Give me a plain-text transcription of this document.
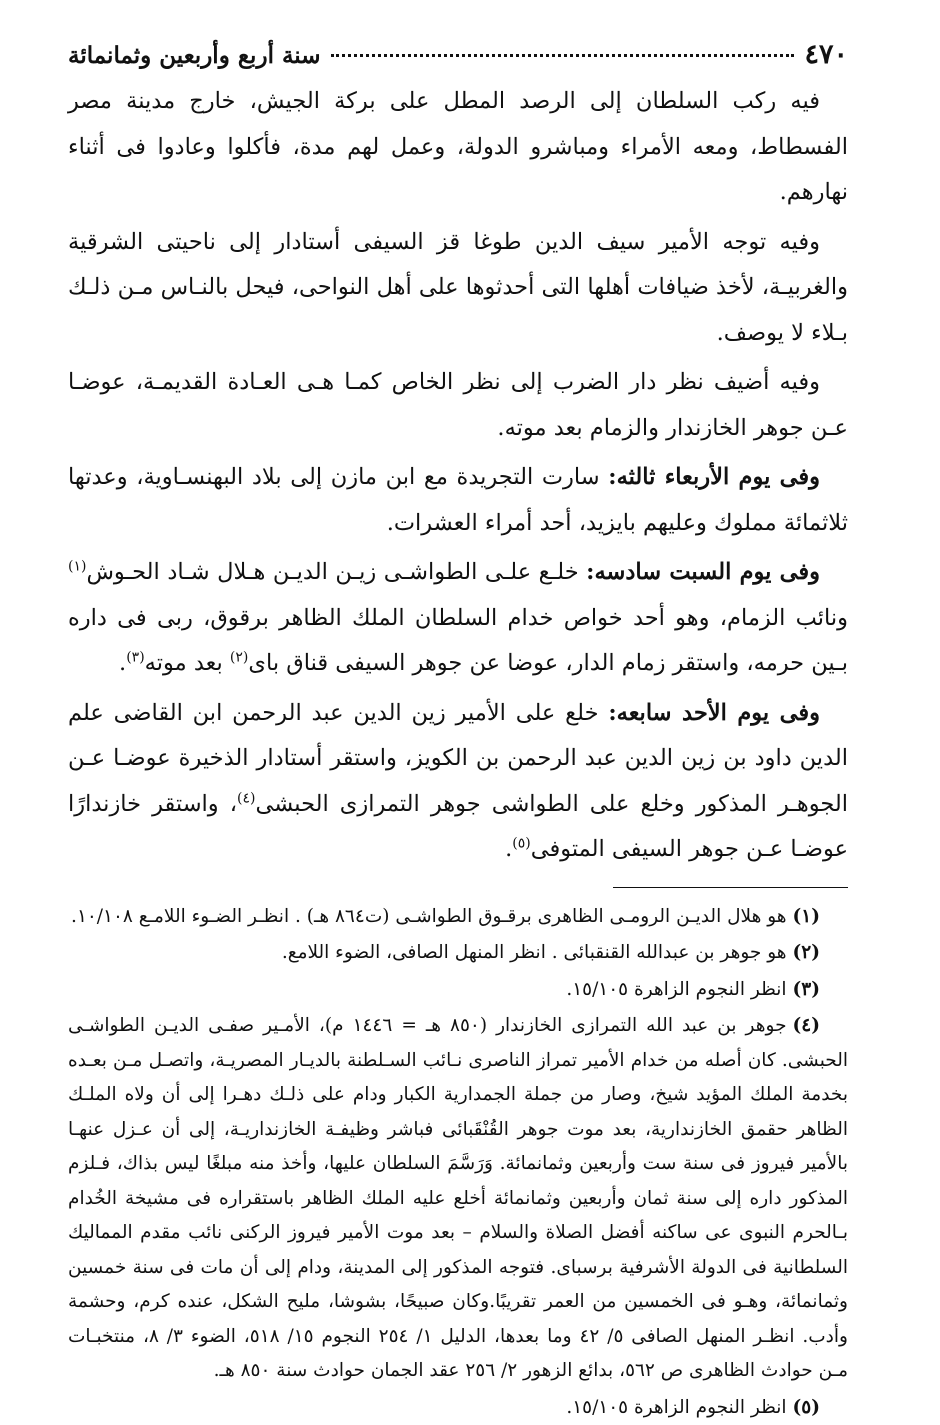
٤٧٠
سنة أربع وأربعين وثمانمائة

فيه ركب السلطان إلى الرصد المطل على بركة الجيش، خارج مدينة مصر الفسطاط، ومعه الأمراء ومباشرو الدولة، وعمل لهم مدة، فأكلوا وعادوا فى أثناء نهارهم.

وفيه توجه الأمير سيف الدين طوغا قز السيفى أستادار إلى ناحيتى الشرقية والغربيـة، لأخذ ضيافات أهلها التى أحدثوها على أهل النواحى، فيحل بالنـاس مـن ذلـك بـلاء لا يوصف.

وفيه أضيف نظر دار الضرب إلى نظر الخاص كمـا هـى العـادة القديمـة، عوضـا عـن جوهر الخازندار والزمام بعد موته.

وفى يوم الأربعاء ثالثه: سارت التجريدة مع ابن مازن إلى بلاد البهنسـاوية، وعدتها ثلاثمائة مملوك وعليهم بايزيد، أحد أمراء العشرات.

وفى يوم السبت سادسه: خلـع علـى الطواشـى زيـن الديـن هـلال شـاد الحـوش$^{(١)}$ ونائب الزمام، وهو أحد خواص خدام السلطان الملك الظاهر برقوق، ربى فى داره بـين حرمه، واستقر زمام الدار، عوضا عن جوهر السيفى قناق باى$^{(٢)}$ بعد موته$^{(٣)}$.

وفى يوم الأحد سابعه: خلع على الأمير زين الدين عبد الرحمن ابن القاضى علم الدين داود بن زين الدين عبد الرحمن بن الكويز، واستقر أستادار الذخيرة عوضـا عـن الجوهـر المذكور وخلع على الطواشى جوهر التمرازى الحبشى$^{(٤)}$، واستقر خازندارًا عوضـا عـن جوهر السيفى المتوفى$^{(٥)}$.

(١)هو هلال الديـن الرومـى الظاهرى برقـوق الطواشـى (ت٨٦٤ هـ) . انظـر الضـوء اللامـع ١٠/١٠٨.

(٢)هو جوهر بن عبدالله القنقبائى . انظر المنهل الصافى، الضوء اللامع.

(٣)انظر النجوم الزاهرة ١٥/١٠٥.

(٤)جوهر بن عبد الله التمرازى الخازندار (٨٥٠ هـ = ١٤٤٦ م)، الأمـير صفـى الديـن الطواشـى الحبشى. كان أصله من خدام الأمير تمراز الناصرى نـائب السـلطنة بالديـار المصريـة، واتصـل مـن بعـده بخدمة الملك المؤيد شيخ، وصار من جملة الجمدارية الكبار ودام على ذلـك دهـرا إلى أن ولاه الملـك الظاهر حقمق الخازندارية، بعد موت جوهر القُنْقَبائى فباشر وظيفـة الخازنداريـة، إلى أن عـزل عنهـا بالأمير فيروز فى سنة ست وأربعين وثمانمائة. وَرَسَّمَ السلطان عليها، وأخذ منه مبلغًا ليس بذاك، فـلزم المذكور داره إلى سنة ثمان وأربعين وثمانمائة أخلع عليه الملك الظاهر باستقراره فى مشيخة الخُدام بـالحرم النبوى عى ساكنه أفضل الصلاة والسلام – بعد موت الأمير فيروز الركنى نائب مقدم المماليك السلطانية فى الدولة الأشرفية برسباى. فتوجه المذكور إلى المدينة، ودام إلى أن مات فى سنة خمسين وثمانمائة، وهـو فى الخمسين من العمر تقريبًا.وكان صبيحًا، بشوشا، مليح الشكل، عنده كرم، وحشمة وأدب. انظـر المنهل الصافى ٥/ ٤٢ وما بعدها، الدليل ١/ ٢٥٤ النجوم ١٥/ ٥١٨، الضوء ٣/ ٨، منتخبـات مـن حوادث الظاهرى ص ٥٦٢، بدائع الزهور ٢/ ٢٥٦ عقد الجمان حوادث سنة ٨٥٠ هـ.

(٥)انظر النجوم الزاهرة ١٥/١٠٥.
